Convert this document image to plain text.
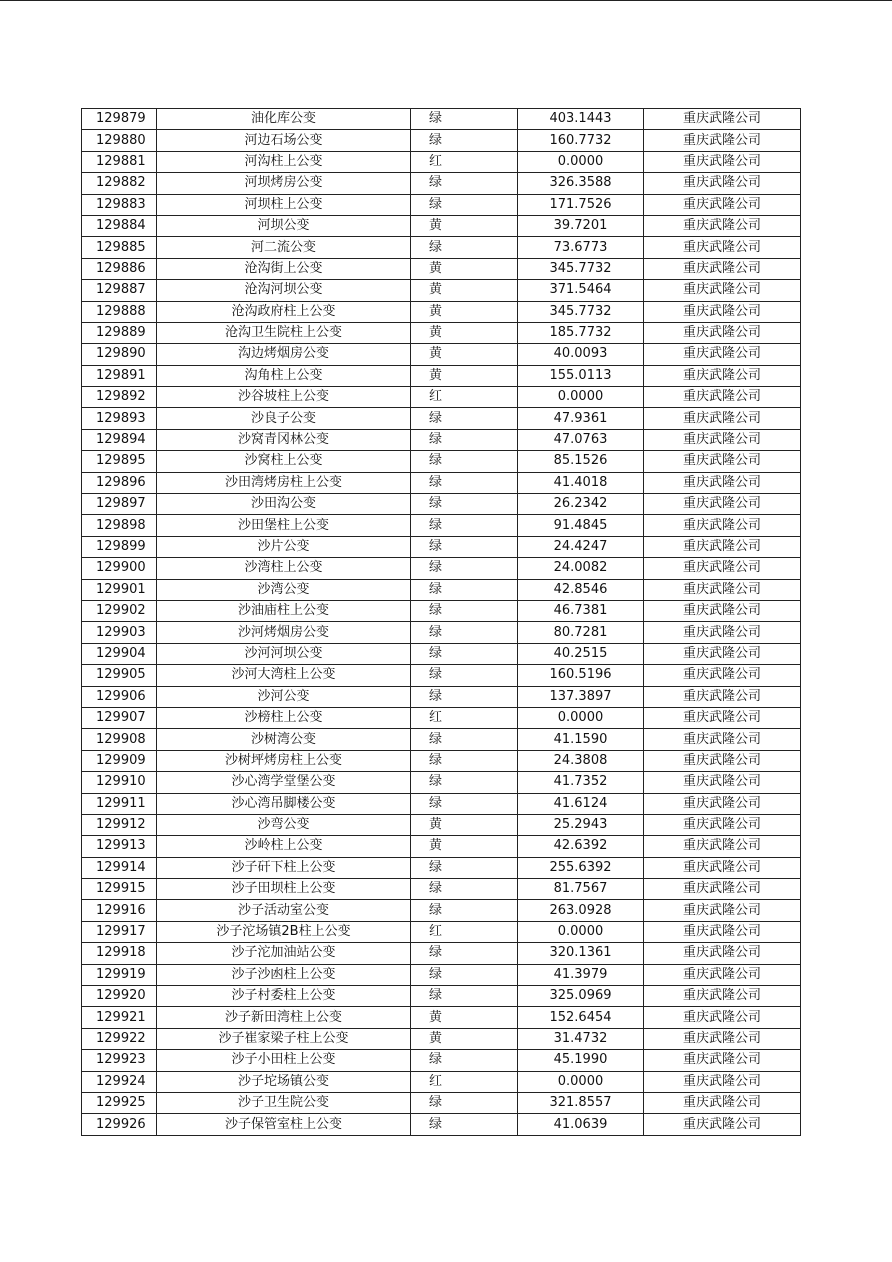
129879	油化库公变	绿	403.1443	重庆武隆公司
129880	河边石场公变	绿	160.7732	重庆武隆公司
129881	河沟柱上公变	红	0.0000	重庆武隆公司
129882	河坝烤房公变	绿	326.3588	重庆武隆公司
129883	河坝柱上公变	绿	171.7526	重庆武隆公司
129884	河坝公变	黄	39.7201	重庆武隆公司
129885	河二流公变	绿	73.6773	重庆武隆公司
129886	沧沟街上公变	黄	345.7732	重庆武隆公司
129887	沧沟河坝公变	黄	371.5464	重庆武隆公司
129888	沧沟政府柱上公变	黄	345.7732	重庆武隆公司
129889	沧沟卫生院柱上公变	黄	185.7732	重庆武隆公司
129890	沟边烤烟房公变	黄	40.0093	重庆武隆公司
129891	沟角柱上公变	黄	155.0113	重庆武隆公司
129892	沙谷坡柱上公变	红	0.0000	重庆武隆公司
129893	沙良子公变	绿	47.9361	重庆武隆公司
129894	沙窝青冈林公变	绿	47.0763	重庆武隆公司
129895	沙窝柱上公变	绿	85.1526	重庆武隆公司
129896	沙田湾烤房柱上公变	绿	41.4018	重庆武隆公司
129897	沙田沟公变	绿	26.2342	重庆武隆公司
129898	沙田堡柱上公变	绿	91.4845	重庆武隆公司
129899	沙片公变	绿	24.4247	重庆武隆公司
129900	沙湾柱上公变	绿	24.0082	重庆武隆公司
129901	沙湾公变	绿	42.8546	重庆武隆公司
129902	沙油庙柱上公变	绿	46.7381	重庆武隆公司
129903	沙河烤烟房公变	绿	80.7281	重庆武隆公司
129904	沙河河坝公变	绿	40.2515	重庆武隆公司
129905	沙河大湾柱上公变	绿	160.5196	重庆武隆公司
129906	沙河公变	绿	137.3897	重庆武隆公司
129907	沙榜柱上公变	红	0.0000	重庆武隆公司
129908	沙树湾公变	绿	41.1590	重庆武隆公司
129909	沙树坪烤房柱上公变	绿	24.3808	重庆武隆公司
129910	沙心湾学堂堡公变	绿	41.7352	重庆武隆公司
129911	沙心湾吊脚楼公变	绿	41.6124	重庆武隆公司
129912	沙弯公变	黄	25.2943	重庆武隆公司
129913	沙岭柱上公变	黄	42.6392	重庆武隆公司
129914	沙子矸下柱上公变	绿	255.6392	重庆武隆公司
129915	沙子田坝柱上公变	绿	81.7567	重庆武隆公司
129916	沙子活动室公变	绿	263.0928	重庆武隆公司
129917	沙子沱场镇2B柱上公变	红	0.0000	重庆武隆公司
129918	沙子沱加油站公变	绿	320.1361	重庆武隆公司
129919	沙子沙凼柱上公变	绿	41.3979	重庆武隆公司
129920	沙子村委柱上公变	绿	325.0969	重庆武隆公司
129921	沙子新田湾柱上公变	黄	152.6454	重庆武隆公司
129922	沙子崔家梁子柱上公变	黄	31.4732	重庆武隆公司
129923	沙子小田柱上公变	绿	45.1990	重庆武隆公司
129924	沙子坨场镇公变	红	0.0000	重庆武隆公司
129925	沙子卫生院公变	绿	321.8557	重庆武隆公司
129926	沙子保管室柱上公变	绿	41.0639	重庆武隆公司
